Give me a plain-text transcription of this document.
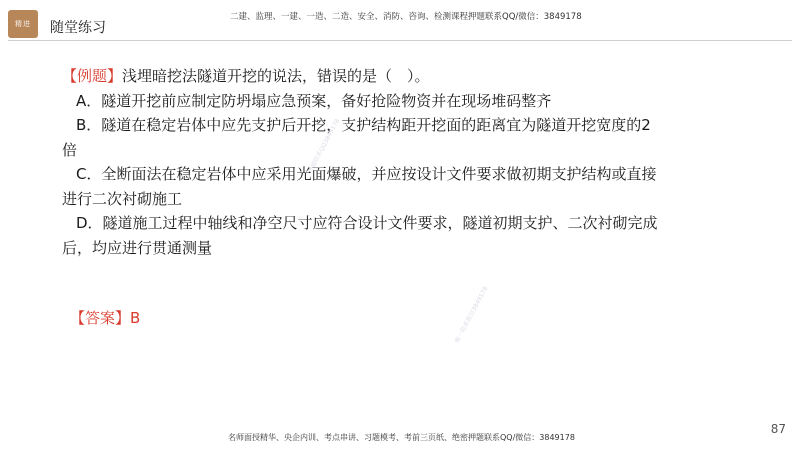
精进 随堂练习
二建、监理、一建、一造、二造、安全、消防、咨询、检测课程押题联系QQ/微信：3849178

【例题】浅埋暗挖法隧道开挖的说法，错误的是（　）。

A．隧道开挖前应制定防坍塌应急预案，备好抢险物资并在现场堆码整齐

B．隧道在稳定岩体中应先支护后开挖，支护结构距开挖面的距离宜为隧道开挖宽度的2倍

C．全断面法在稳定岩体中应采用光面爆破，并应按设计文件要求做初期支护结构或直接进行二次衬砌施工

D．隧道施工过程中轴线和净空尺寸应符合设计文件要求，隧道初期支护、二次衬砌完成后，均应进行贯通测量

【答案】B
押题联系QQ3849178
唯一联系微信3849178
名师面授精华、央企内训、考点串讲、习题模考、考前三页纸、绝密押题联系QQ/微信：3849178
87
